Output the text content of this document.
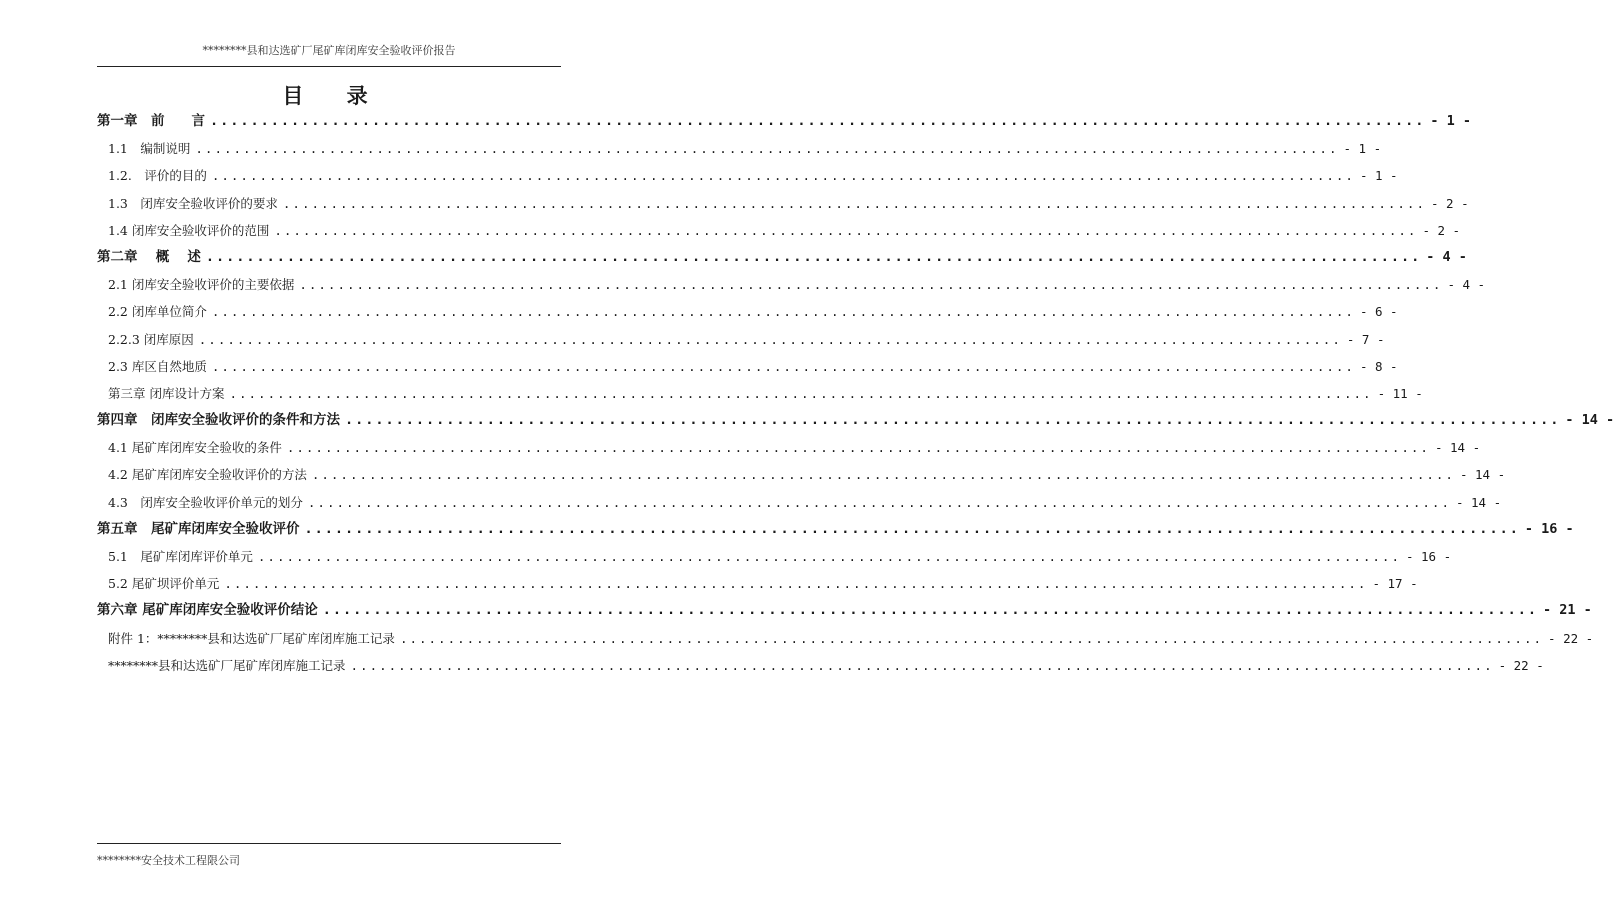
********县和达选矿厂尾矿库闭库安全验收评价报告
目 录
第一章　前　　言 ........................................................................................................................ - 1 -
1.1　编制说明 ........................................................................................................................ - 1 -
1.2.　评价的目的 ........................................................................................................................ - 1 -
1.3　闭库安全验收评价的要求 ........................................................................................................................ - 2 -
1.4 闭库安全验收评价的范围 ........................................................................................................................ - 2 -
第二章　 概　 述 ........................................................................................................................ - 4 -
2.1 闭库安全验收评价的主要依据 ........................................................................................................................ - 4 -
2.2 闭库单位简介 ........................................................................................................................ - 6 -
2.2.3 闭库原因 ........................................................................................................................ - 7 -
2.3 库区自然地质 ........................................................................................................................ - 8 -
第三章 闭库设计方案 ........................................................................................................................ - 11 -
第四章　闭库安全验收评价的条件和方法 ........................................................................................................................ - 14 -
4.1 尾矿库闭库安全验收的条件 ........................................................................................................................ - 14 -
4.2 尾矿库闭库安全验收评价的方法 ........................................................................................................................ - 14 -
4.3　闭库安全验收评价单元的划分 ........................................................................................................................ - 14 -
第五章　尾矿库闭库安全验收评价 ........................................................................................................................ - 16 -
5.1　尾矿库闭库评价单元 ........................................................................................................................ - 16 -
5.2 尾矿坝评价单元 ........................................................................................................................ - 17 -
第六章 尾矿库闭库安全验收评价结论 ........................................................................................................................ - 21 -
附件 1：********县和达选矿厂尾矿库闭库施工记录 ........................................................................................................................ - 22 -
********县和达选矿厂尾矿库闭库施工记录 ........................................................................................................................ - 22 -
********安全技术工程限公司
